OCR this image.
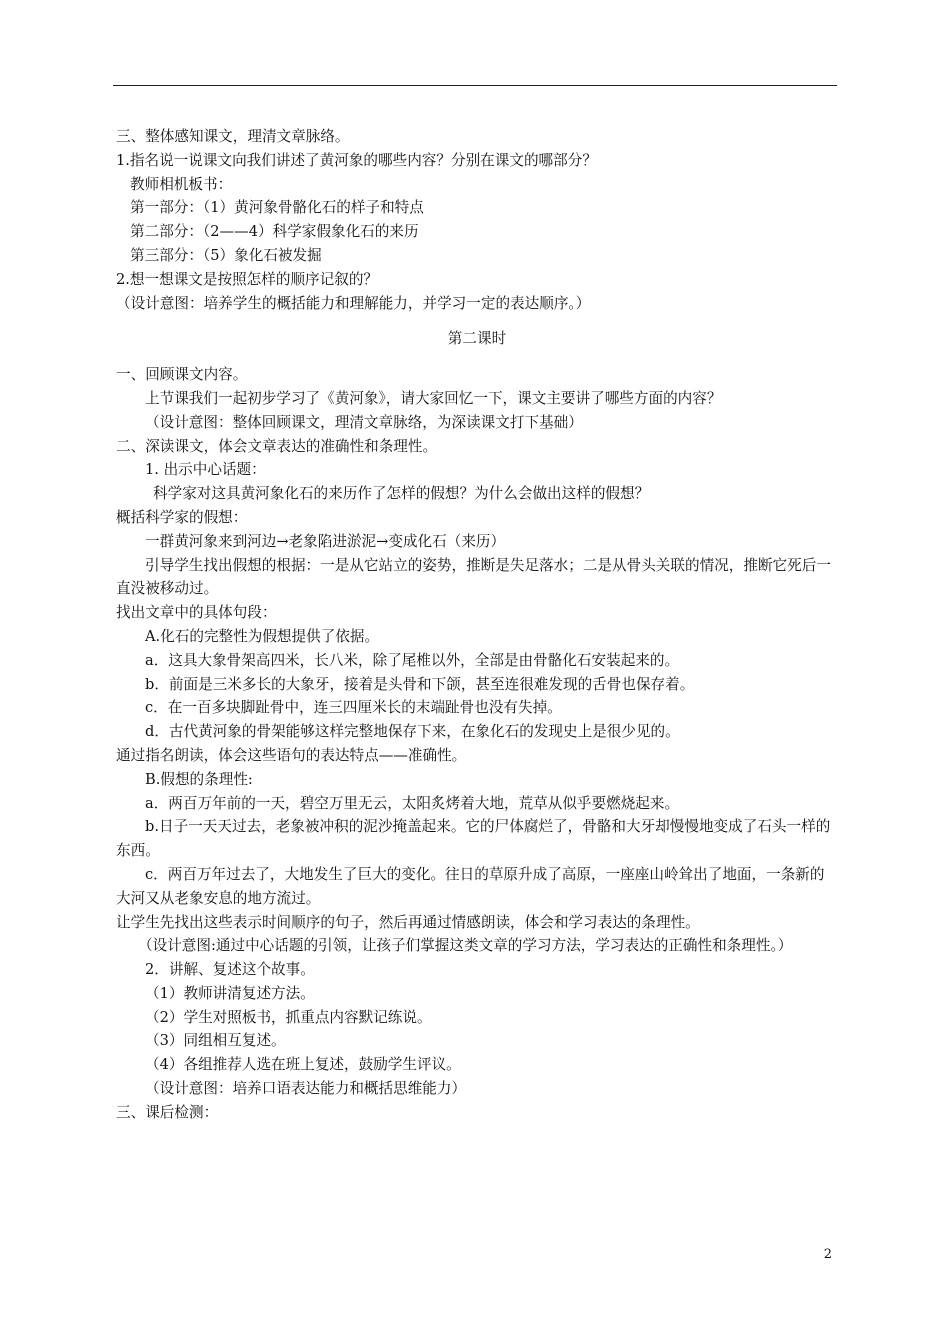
三、整体感知课文，理清文章脉络。

1.指名说一说课文向我们讲述了黄河象的哪些内容？分别在课文的哪部分？

教师相机板书：

第一部分：（1）黄河象骨骼化石的样子和特点

第二部分：（2——4）科学家假象化石的来历

第三部分：（5）象化石被发掘

2.想一想课文是按照怎样的顺序记叙的？

（设计意图：培养学生的概括能力和理解能力，并学习一定的表达顺序。）

第二课时

一、回顾课文内容。

上节课我们一起初步学习了《黄河象》，请大家回忆一下，课文主要讲了哪些方面的内容？

（设计意图：整体回顾课文，理清文章脉络，为深读课文打下基础）

二、深读课文，体会文章表达的准确性和条理性。

1. 出示中心话题：

科学家对这具黄河象化石的来历作了怎样的假想？为什么会做出这样的假想？

概括科学家的假想：

一群黄河象来到河边→老象陷进淤泥→变成化石（来历）

引导学生找出假想的根据：一是从它站立的姿势，推断是失足落水；二是从骨头关联的情况，推断它死后一直没被移动过。

找出文章中的具体句段：

A.化石的完整性为假想提供了依据。

a．这具大象骨架高四米，长八米，除了尾椎以外，全部是由骨骼化石安装起来的。

b．前面是三米多长的大象牙，接着是头骨和下颌，甚至连很难发现的舌骨也保存着。

c．在一百多块脚趾骨中，连三四厘米长的末端趾骨也没有失掉。

d．古代黄河象的骨架能够这样完整地保存下来，在象化石的发现史上是很少见的。

通过指名朗读，体会这些语句的表达特点——准确性。

B.假想的条理性:

a．两百万年前的一天，碧空万里无云，太阳炙烤着大地，荒草从似乎要燃烧起来。

b.日子一天天过去，老象被冲积的泥沙掩盖起来。它的尸体腐烂了，骨骼和大牙却慢慢地变成了石头一样的东西。

c．两百万年过去了，大地发生了巨大的变化。往日的草原升成了高原，一座座山岭耸出了地面，一条新的大河又从老象安息的地方流过。

让学生先找出这些表示时间顺序的句子，然后再通过情感朗读，体会和学习表达的条理性。

（设计意图:通过中心话题的引领，让孩子们掌握这类文章的学习方法，学习表达的正确性和条理性。）

2．讲解、复述这个故事。

（1）教师讲清复述方法。

（2）学生对照板书，抓重点内容默记练说。

（3）同组相互复述。

（4）各组推荐人选在班上复述，鼓励学生评议。

（设计意图：培养口语表达能力和概括思维能力）

三、课后检测：

2
